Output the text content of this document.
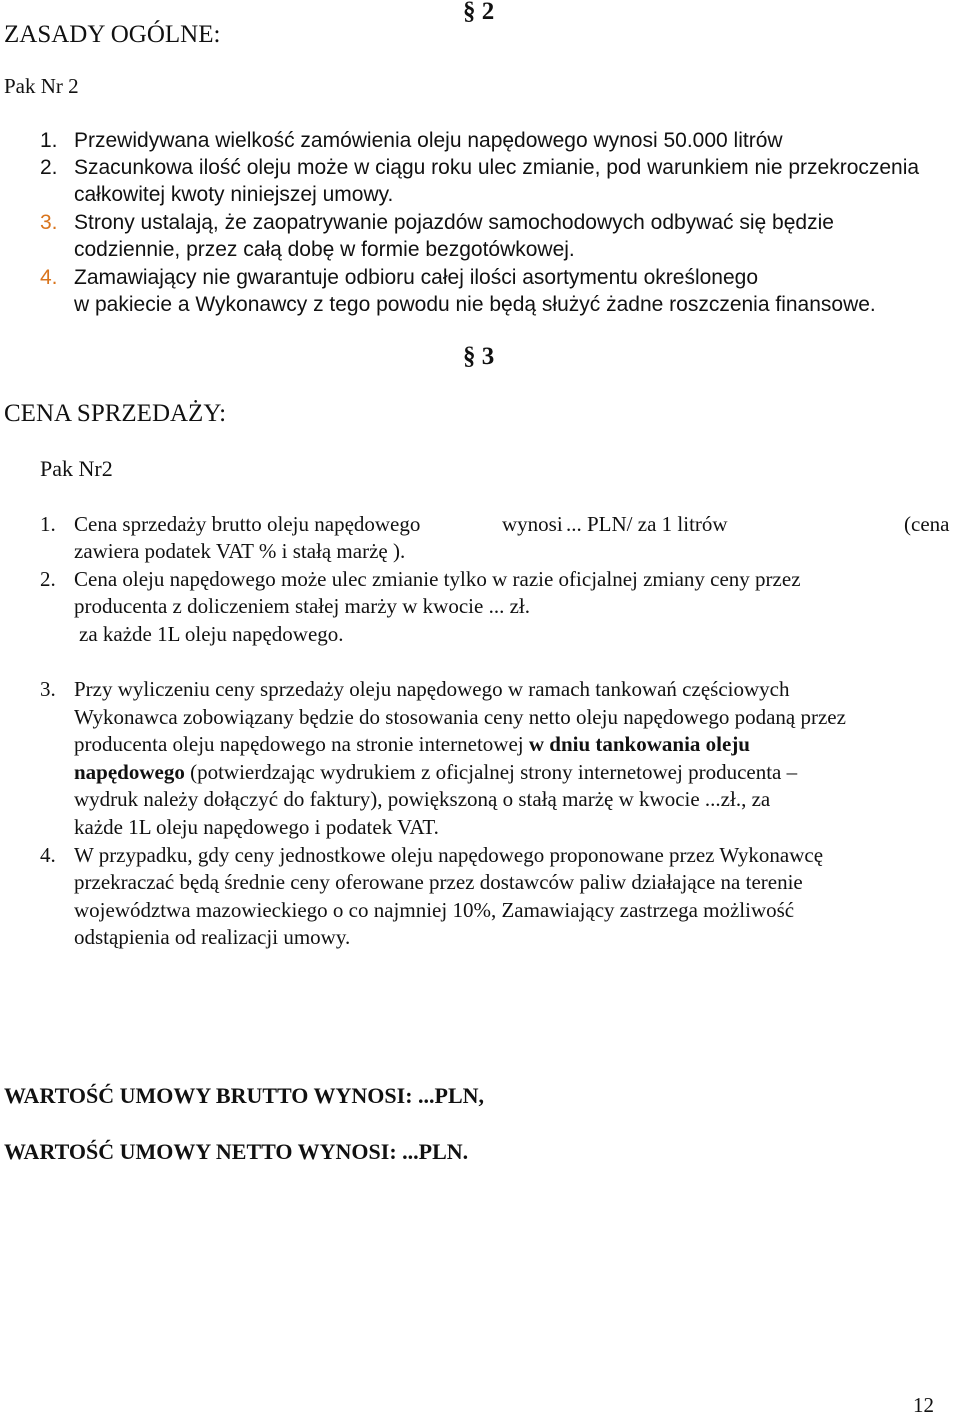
§ 2
ZASADY OGÓLNE:
Pak Nr 2
1. Przewidywana wielkość zamówienia oleju napędowego wynosi 50.000 litrów
2. Szacunkowa ilość oleju może w ciągu roku ulec zmianie, pod warunkiem nie przekroczenia
całkowitej kwoty niniejszej umowy.
3. Strony ustalają, że zaopatrywanie pojazdów samochodowych odbywać się będzie
codziennie, przez całą dobę w formie bezgotówkowej.
4. Zamawiający nie gwarantuje odbioru całej ilości asortymentu określonego
w pakiecie a Wykonawcy z tego powodu nie będą służyć żadne roszczenia finansowe.
§ 3
CENA SPRZEDAŻY:
Pak Nr2
1. Cena sprzedaży brutto oleju napędowego	wynosi ... PLN/ za 1 litrów	(cena
zawiera podatek VAT % i stałą marżę ).
2. Cena oleju napędowego może ulec zmianie tylko w razie oficjalnej zmiany ceny przez
producenta z doliczeniem stałej marży w kwocie ... zł.
za każde 1L oleju napędowego.
3. Przy wyliczeniu ceny sprzedaży oleju napędowego w ramach tankowań częściowych
Wykonawca zobowiązany będzie do stosowania ceny netto oleju napędowego podaną przez
producenta oleju napędowego na stronie internetowej w dniu tankowania oleju
napędowego (potwierdzając wydrukiem z oficjalnej strony internetowej producenta –
wydruk należy dołączyć do faktury), powiększoną o stałą marżę w kwocie ...zł., za
każde 1L oleju napędowego i podatek VAT.
4. W przypadku, gdy ceny jednostkowe oleju napędowego proponowane przez Wykonawcę
przekraczać będą średnie ceny oferowane przez dostawców paliw działające na terenie
województwa mazowieckiego o co najmniej 10%, Zamawiający zastrzega możliwość
odstąpienia od realizacji umowy.
WARTOŚĆ UMOWY BRUTTO WYNOSI: ...PLN,
WARTOŚĆ UMOWY NETTO WYNOSI: ...PLN.
12
